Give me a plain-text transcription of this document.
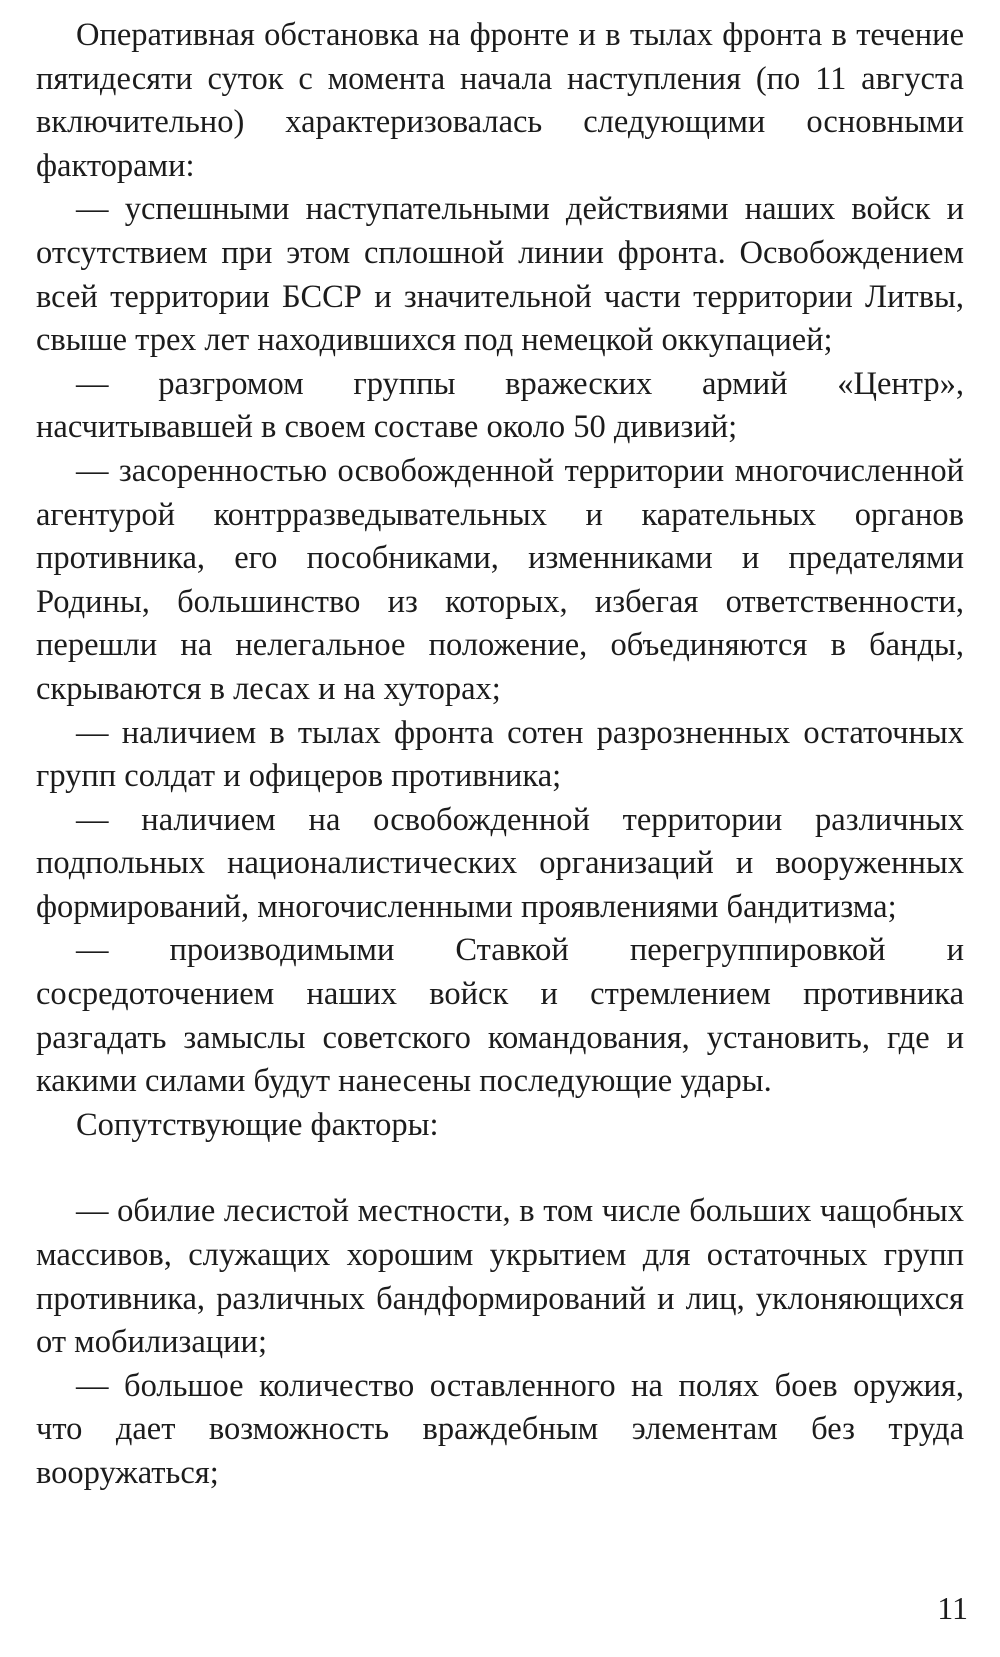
Оперативная обстановка на фронте и в тылах фронта в течение пятидесяти суток с момента начала наступления (по 11 августа включительно) характеризовалась следующими основными факторами:

— успешными наступательными действиями наших войск и отсутствием при этом сплошной линии фронта. Освобождением всей территории БССР и значительной части территории Литвы, свыше трех лет находившихся под немецкой оккупацией;

— разгромом группы вражеских армий «Центр», насчитывавшей в своем составе около 50 дивизий;

— засоренностью освобожденной территории многочисленной агентурой контрразведывательных и карательных органов противника, его пособниками, изменниками и предателями Родины, большинство из которых, избегая ответственности, перешли на нелегальное положение, объединяются в банды, скрываются в лесах и на хуторах;

— наличием в тылах фронта сотен разрозненных остаточных групп солдат и офицеров противника;

— наличием на освобожденной территории различных подпольных националистических организаций и вооруженных формирований, многочисленными проявлениями бандитизма;

— производимыми Ставкой перегруппировкой и сосредоточением наших войск и стремлением противника разгадать замыслы советского командования, установить, где и какими силами будут нанесены последующие удары.

Сопутствующие факторы:

— обилие лесистой местности, в том числе больших чащобных массивов, служащих хорошим укрытием для остаточных групп противника, различных бандформирований и лиц, уклоняющихся от мобилизации;

— большое количество оставленного на полях боев оружия, что дает возможность враждебным элементам без труда вооружаться;

11
